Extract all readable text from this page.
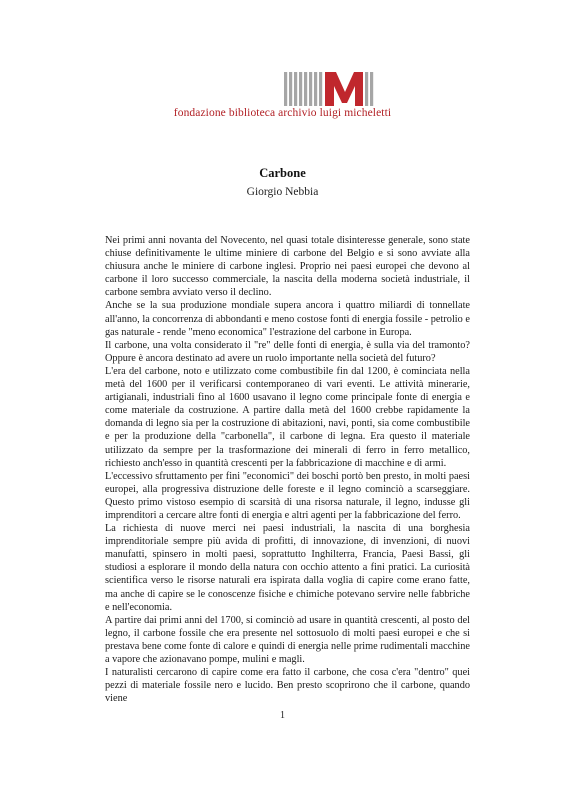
fondazione biblioteca archivio luigi micheletti
Carbone
Giorgio Nebbia

Nei primi anni novanta del Novecento, nel quasi totale disinteresse generale, sono state chiuse definitivamente le ultime miniere di carbone del Belgio e si sono avviate alla chiusura anche le miniere di carbone inglesi. Proprio nei paesi europei che devono al carbone il loro successo commerciale, la nascita della moderna società industriale, il carbone sembra avviato verso il declino.

Anche se la sua produzione mondiale supera ancora i quattro miliardi di tonnellate all'anno, la concorrenza di abbondanti e meno costose fonti di energia fossile - petrolio e gas naturale - rende "meno economica" l'estrazione del carbone in Europa.

Il carbone, una volta considerato il "re" delle fonti di energia, è sulla via del tramonto? Oppure è ancora destinato ad avere un ruolo importante nella società del futuro?

L'era del carbone, noto e utilizzato come combustibile fin dal 1200, è cominciata nella metà del 1600 per il verificarsi contemporaneo di vari eventi. Le attività minerarie, artigianali, industriali fino al 1600 usavano il legno come principale fonte di energia e come materiale da costruzione. A partire dalla metà del 1600 crebbe rapidamente la domanda di legno sia per la costruzione di abitazioni, navi, ponti, sia come combustibile e per la produzione della "carbonella", il carbone di legna. Era questo il materiale utilizzato da sempre per la trasformazione dei minerali di ferro in ferro metallico, richiesto anch'esso in quantità crescenti per la fabbricazione di macchine e di armi.

L'eccessivo sfruttamento per fini "economici" dei boschi portò ben presto, in molti paesi europei, alla progressiva distruzione delle foreste e il legno cominciò a scarseggiare. Questo primo vistoso esempio di scarsità di una risorsa naturale, il legno, indusse gli imprenditori a cercare altre fonti di energia e altri agenti per la fabbricazione del ferro.

La richiesta di nuove merci nei paesi industriali, la nascita di una borghesia imprenditoriale sempre più avida di profitti, di innovazione, di invenzioni, di nuovi manufatti, spinsero in molti paesi, soprattutto Inghilterra, Francia, Paesi Bassi, gli studiosi a esplorare il mondo della natura con occhio attento a fini pratici. La curiosità scientifica verso le risorse naturali era ispirata dalla voglia di capire come erano fatte, ma anche di capire se le conoscenze fisiche e chimiche potevano servire nelle fabbriche e nell'economia.

A partire dai primi anni del 1700, si cominciò ad usare in quantità crescenti, al posto del legno, il carbone fossile che era presente nel sottosuolo di molti paesi europei e che si prestava bene come fonte di calore e quindi di energia nelle prime rudimentali macchine a vapore che azionavano pompe, mulini e magli.

I naturalisti cercarono di capire come era fatto il carbone, che cosa c'era "dentro" quei pezzi di materiale fossile nero e lucido. Ben presto scoprirono che il carbone, quando viene

1
